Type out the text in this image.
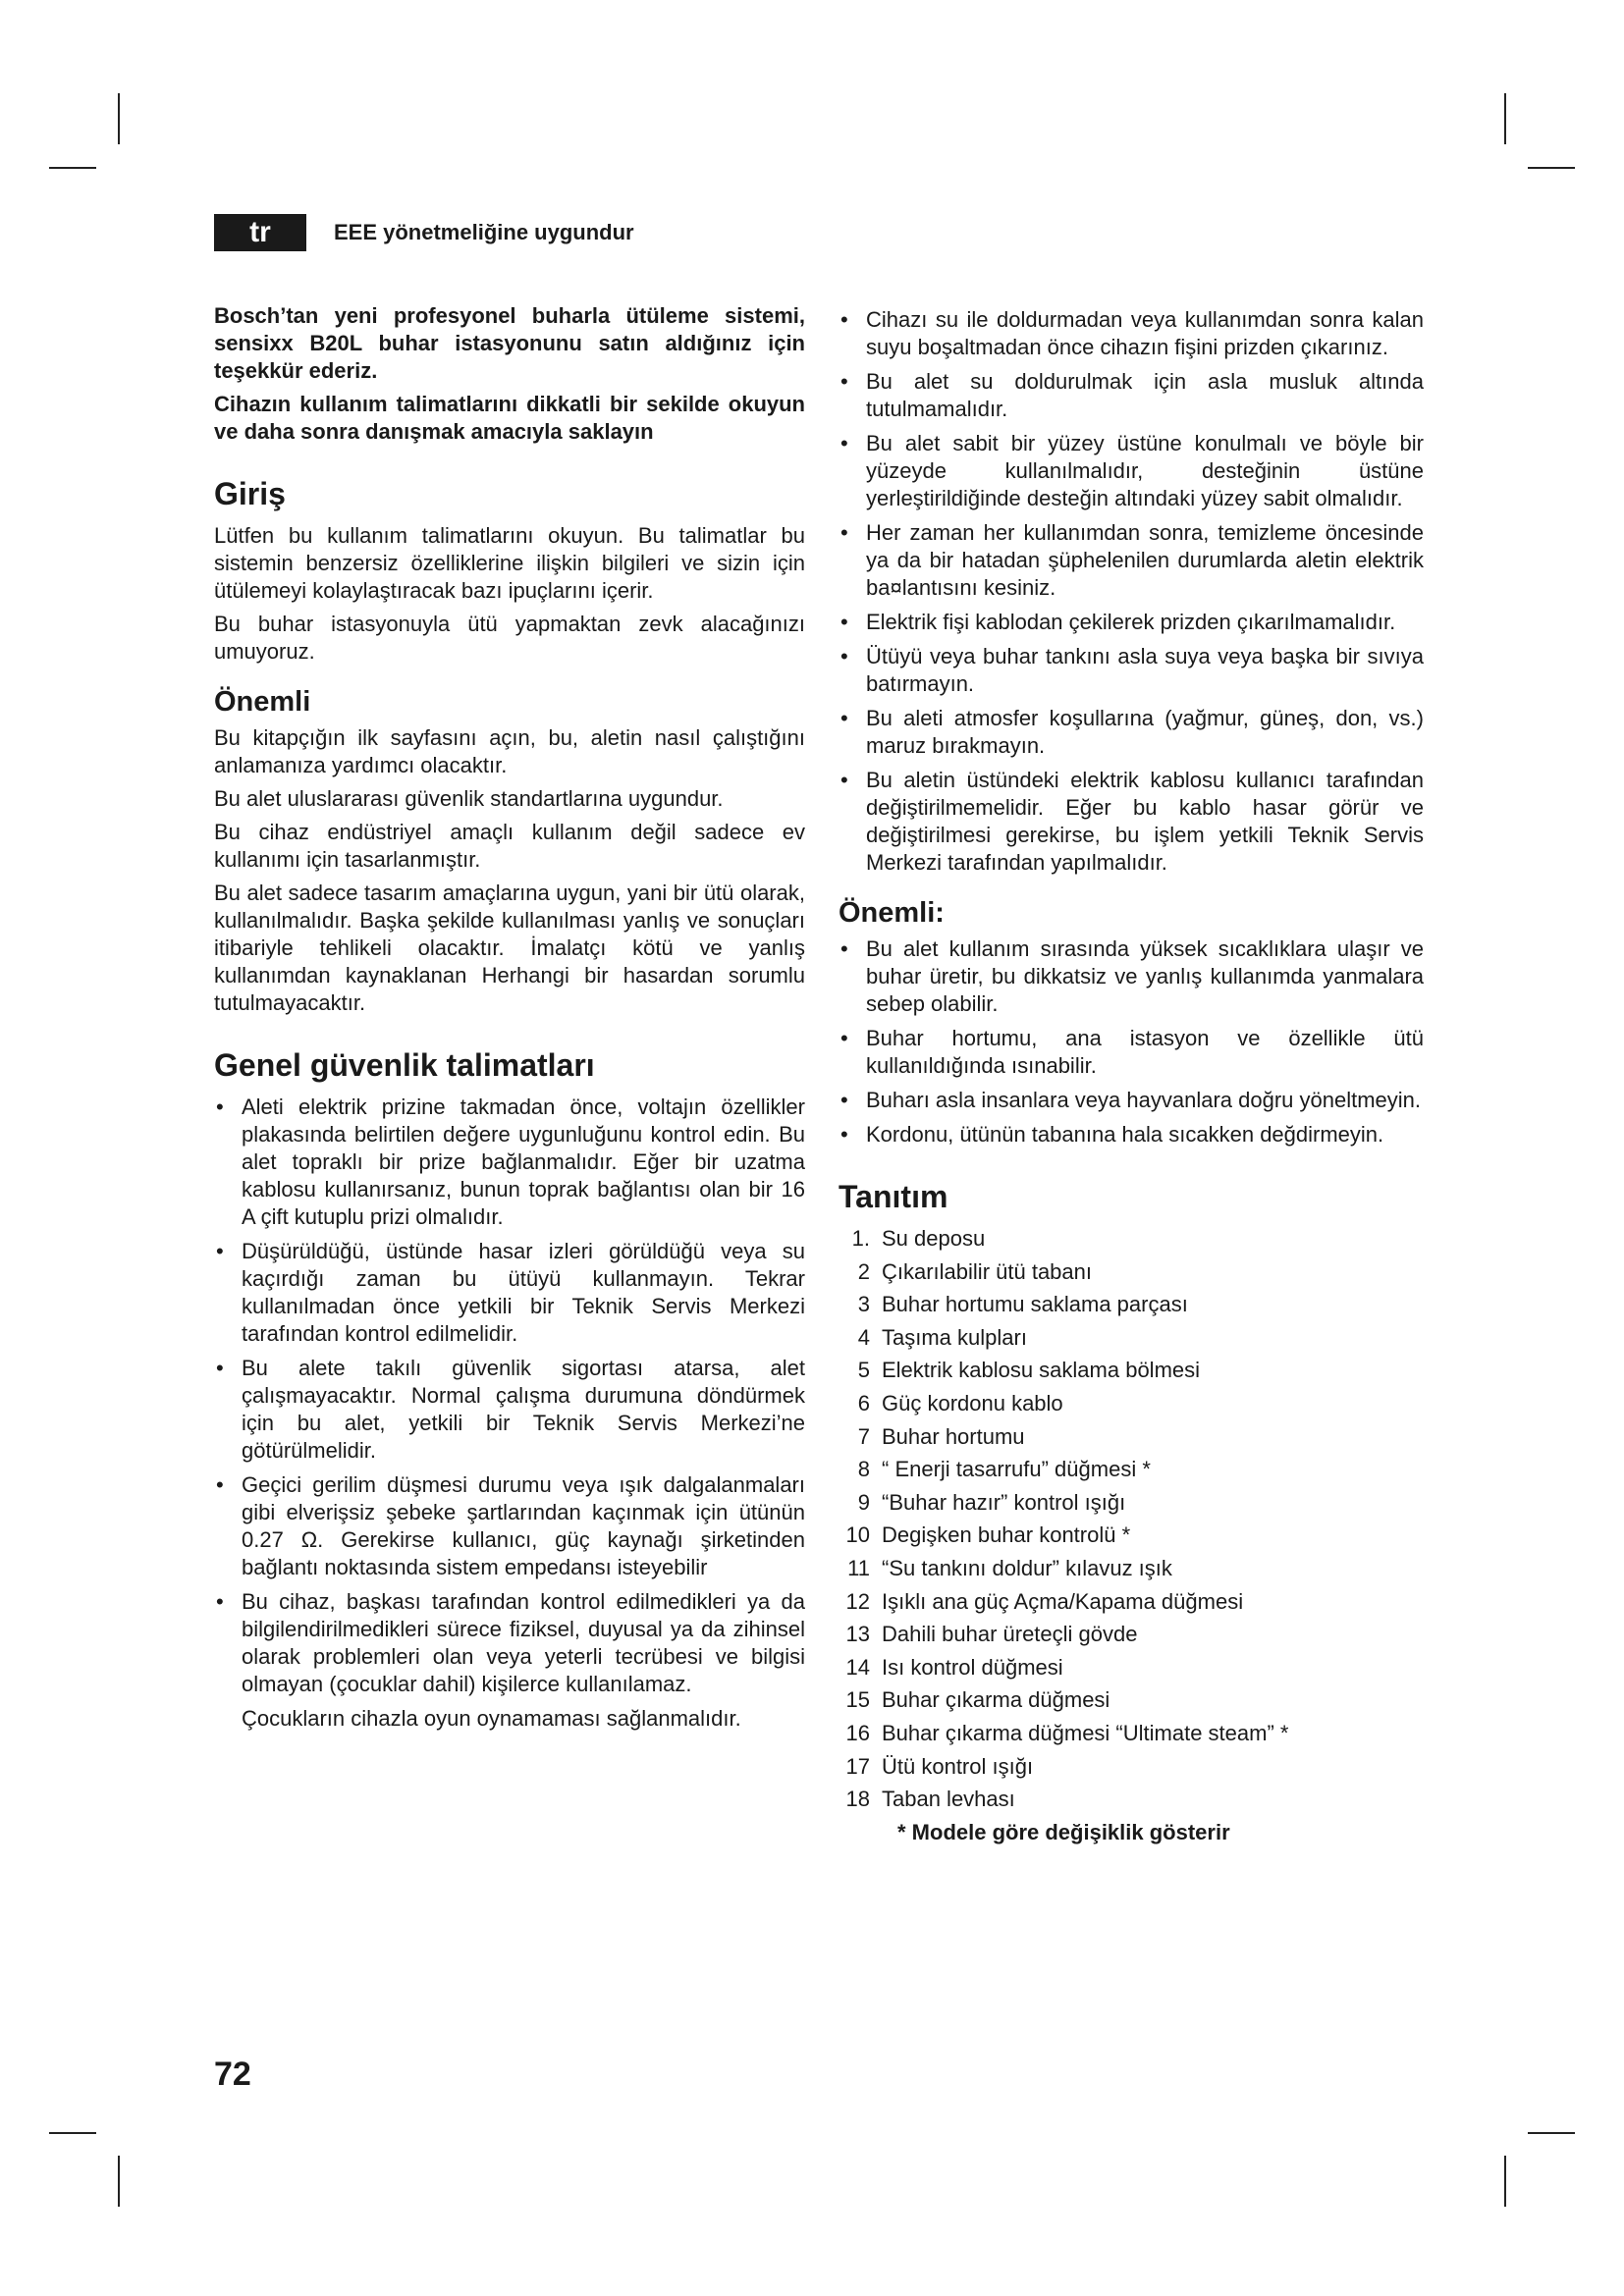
tr	EEE yönetmeliğine uygundur

Bosch’tan yeni profesyonel buharla ütüleme sistemi, sensixx B20L buhar istasyonunu satın aldığınız için teşekkür ederiz.

Cihazın kullanım talimatlarını dikkatli bir sekilde okuyun ve daha sonra danışmak amacıyla saklayın

Giriş

Lütfen bu kullanım talimatlarını okuyun. Bu talimatlar bu sistemin benzersiz özelliklerine ilişkin bilgileri ve sizin için ütülemeyi kolaylaştıracak bazı ipuçlarını içerir.

Bu buhar istasyonuyla ütü yapmaktan zevk alacağınızı umuyoruz.

Önemli

Bu kitapçığın ilk sayfasını açın, bu, aletin nasıl çalıştığını anlamanıza yardımcı olacaktır.

Bu alet uluslararası güvenlik standartlarına uygundur.

Bu cihaz endüstriyel amaçlı kullanım değil sadece ev kullanımı için tasarlanmıştır.

Bu alet sadece tasarım amaçlarına uygun, yani bir ütü olarak, kullanılmalıdır. Başka şekilde kullanılması yanlış ve sonuçları itibariyle tehlikeli olacaktır. İmalatçı kötü ve yanlış kullanımdan kaynaklanan Herhangi bir hasardan sorumlu tutulmayacaktır.

Genel güvenlik talimatları
• Aleti elektrik prizine takmadan önce, voltajın özellikler plakasında belirtilen değere uygunluğunu kontrol edin. Bu alet topraklı bir prize bağlanmalıdır. Eğer bir uzatma kablosu kullanırsanız, bunun toprak bağlantısı olan bir 16 A çift kutuplu prizi olmalıdır.
• Düşürüldüğü, üstünde hasar izleri görüldüğü veya su kaçırdığı zaman bu ütüyü kullanmayın. Tekrar kullanılmadan önce yetkili bir Teknik Servis Merkezi tarafından kontrol edilmelidir.
• Bu alete takılı güvenlik sigortası atarsa, alet çalışmayacaktır. Normal çalışma durumuna döndürmek için bu alet, yetkili bir Teknik Servis Merkezi’ne götürülmelidir.
• Geçici gerilim düşmesi durumu veya ışık dalgalanmaları gibi elverişsiz şebeke şartlarından kaçınmak için ütünün 0.27 Ω. Gerekirse kullanıcı, güç kaynağı şirketinden bağlantı noktasında sistem empedansı isteyebilir
• Bu cihaz, başkası tarafından kontrol edilmedikleri ya da bilgilendirilmedikleri sürece fiziksel, duyusal ya da zihinsel olarak problemleri olan veya yeterli tecrübesi ve bilgisi olmayan (çocuklar dahil) kişilerce kullanılamaz.

Çocukların cihazla oyun oynamaması sağlanmalıdır.

• Cihazı su ile doldurmadan veya kullanımdan sonra kalan suyu boşaltmadan önce cihazın fişini prizden çıkarınız.
• Bu alet su doldurulmak için asla musluk altında tutulmamalıdır.
• Bu alet sabit bir yüzey üstüne konulmalı ve böyle bir yüzeyde kullanılmalıdır, desteğinin üstüne yerleştirildiğinde desteğin altındaki yüzey sabit olmalıdır.
• Her zaman her kullanımdan sonra, temizleme öncesinde ya da bir hatadan şüphelenilen durumlarda aletin elektrik ba¤lantısını kesiniz.
• Elektrik fişi kablodan çekilerek prizden çıkarılmamalıdır.
• Ütüyü veya buhar tankını asla suya veya başka bir sıvıya batırmayın.
• Bu aleti atmosfer koşullarına (yağmur, güneş, don, vs.) maruz bırakmayın.
• Bu aletin üstündeki elektrik kablosu kullanıcı tarafından değiştirilmemelidir. Eğer bu kablo hasar görür ve değiştirilmesi gerekirse, bu işlem yetkili Teknik Servis Merkezi tarafından yapılmalıdır.
Önemli:
• Bu alet kullanım sırasında yüksek sıcaklıklara ulaşır ve buhar üretir, bu dikkatsiz ve yanlış kullanımda yanmalara sebep olabilir.
• Buhar hortumu, ana istasyon ve özellikle ütü kullanıldığında ısınabilir.
• Buharı asla insanlara veya hayvanlara doğru yöneltmeyin.
• Kordonu, ütünün tabanına hala sıcakken değdirmeyin.
Tanıtım
1. Su deposu
2 Çıkarılabilir ütü tabanı
3 Buhar hortumu saklama parçası
4 Taşıma kulpları
5 Elektrik kablosu saklama bölmesi
6 Güç kordonu kablo
7 Buhar hortumu
8 “ Enerji tasarrufu” düğmesi *
9 “Buhar hazır” kontrol ışığı
10 Degişken buhar kontrolü *
11 “Su tankını doldur” kılavuz ışık
12 Işıklı ana güç Açma/Kapama düğmesi
13 Dahili buhar üreteçli gövde
14 Isı kontrol düğmesi
15 Buhar çıkarma düğmesi
16 Buhar çıkarma düğmesi “Ultimate steam” *
17 Ütü kontrol ışığı
18 Taban levhası
* Modele göre değişiklik gösterir
72
